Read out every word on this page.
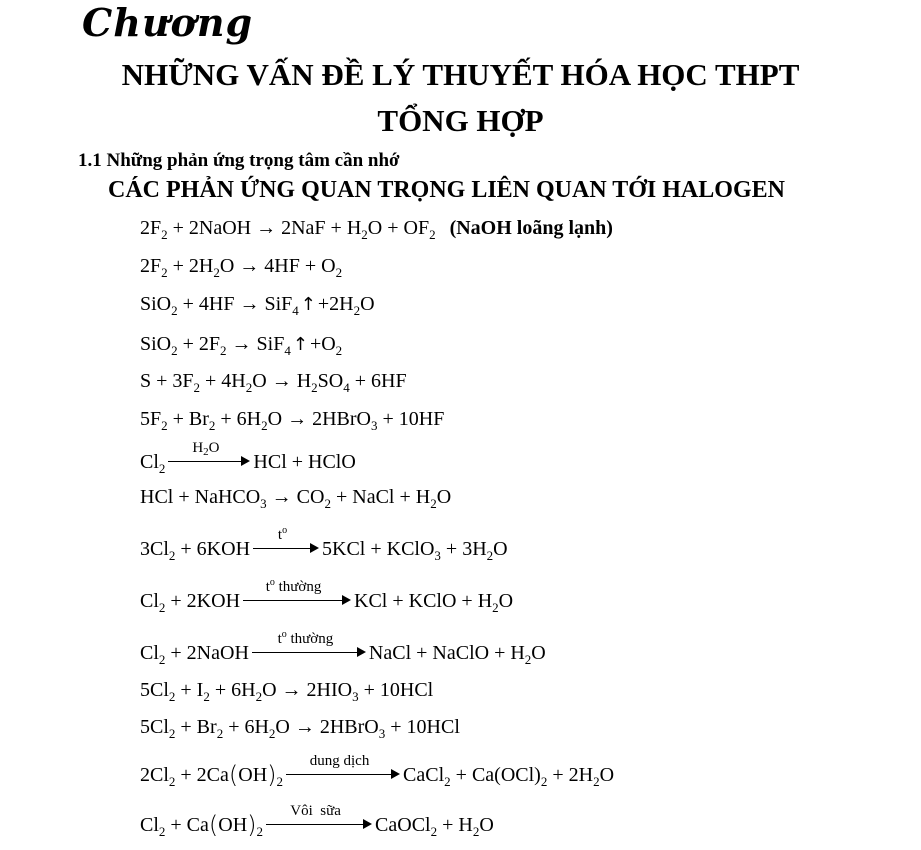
Chương
NHỮNG VẤN ĐỀ LÝ THUYẾT HÓA HỌC THPT
TỔNG HỢP
1.1 Những phản ứng trọng tâm cần nhớ
CÁC PHẢN ỨNG QUAN TRỌNG LIÊN QUAN TỚI HALOGEN
$2F_2$ + 2NaOH → $2NaF + H_2O + OF_2$ (NaOH loãng lạnh)
$2F_2 + 2H_2O \to 4HF + O_2$
SiO$_2$ + 4HF → SiF$_4$ ↑ $+2H_2O$
$SiO_2 + 2F_2 \to SiF_4$ ↑ $+O_2$
$S + 3F_2 + 4H_2O \to H_2SO_4 + 6HF$
$5F_2 + Br_2 + 6H_2O$ → 2HBrO$_3$ + 10HF
$Cl_2$
$H_2O$
HCl + HClO
HCl + NaHCO$_3$ → $CO_2$ + NaCl + $H_2O$
$3Cl_2 + 6KOH$
$t^o$
5KCl + KClO$_3$ + $3H_2O$
$Cl_2 + 2KOH$
$t^o$ thường
KCl + KClO + $H_2O$
$Cl_2$ + 2NaOH
$t^o$ thường
NaCl + NaClO + $H_2O$
$5Cl_2 + I_2 + 6H_2O \to 2HIO_3 + 10HCl$
$5Cl_2 + Br_2 + 6H_2O$ → 2HBrO$_3$ + 10HCl
$2Cl_2 + 2Ca(OH)_2$
dung dịch
CaCl$_2$ + $Ca(OCl)_2 + 2H_2O$
$Cl_2 + Ca(OH)_2$
Vôi  sữa
CaOCl$_2$ + $H_2O$
